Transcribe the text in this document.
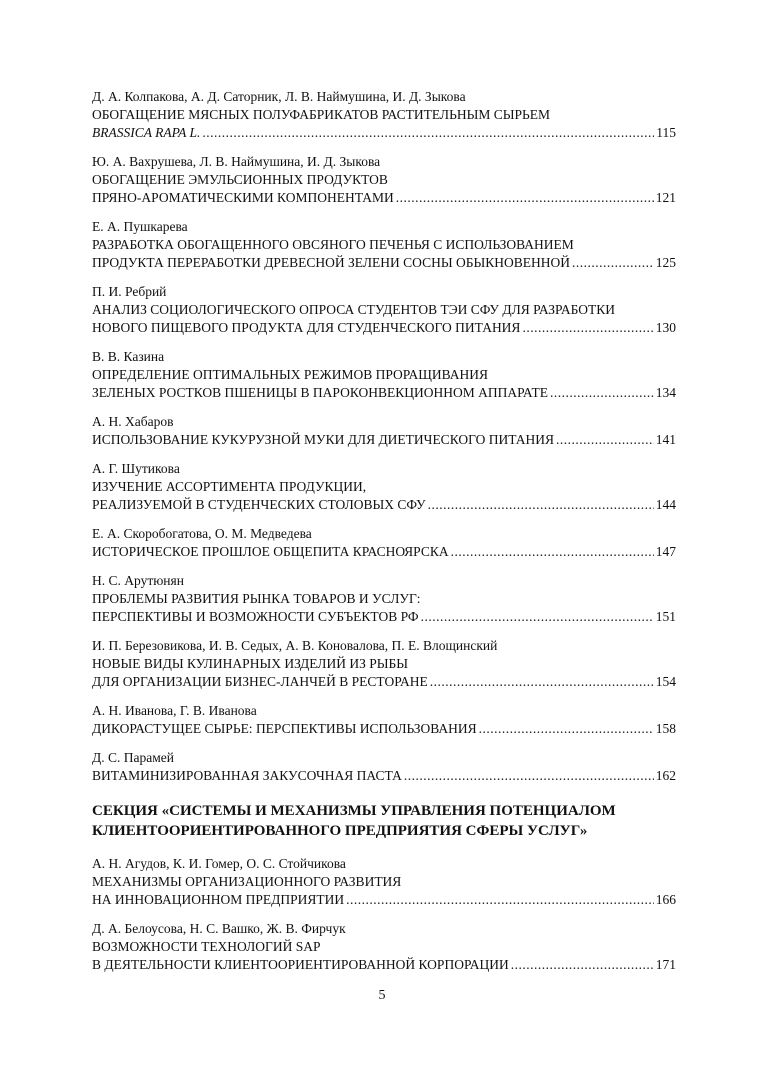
Д. А. Колпакова, А. Д. Саторник, Л. В. Наймушина, И. Д. Зыкова
ОБОГАЩЕНИЕ МЯСНЫХ ПОЛУФАБРИКАТОВ РАСТИТЕЛЬНЫМ СЫРЬЕМ
BRASSICA RAPA L. .....	115
Ю. А. Вахрушева, Л. В. Наймушина, И. Д. Зыкова
ОБОГАЩЕНИЕ ЭМУЛЬСИОННЫХ ПРОДУКТОВ
ПРЯНО-АРОМАТИЧЕСКИМИ КОМПОНЕНТАМИ .....	121
Е. А. Пушкарева
РАЗРАБОТКА ОБОГАЩЕННОГО ОВСЯНОГО ПЕЧЕНЬЯ С ИСПОЛЬЗОВАНИЕМ
ПРОДУКТА ПЕРЕРАБОТКИ ДРЕВЕСНОЙ ЗЕЛЕНИ СОСНЫ ОБЫКНОВЕННОЙ .....	125
П. И. Ребрий
АНАЛИЗ СОЦИОЛОГИЧЕСКОГО ОПРОСА СТУДЕНТОВ ТЭИ СФУ ДЛЯ РАЗРАБОТКИ
НОВОГО ПИЩЕВОГО ПРОДУКТА ДЛЯ СТУДЕНЧЕСКОГО ПИТАНИЯ .....	130
В. В. Казина
ОПРЕДЕЛЕНИЕ ОПТИМАЛЬНЫХ РЕЖИМОВ ПРОРАЩИВАНИЯ
ЗЕЛЕНЫХ РОСТКОВ ПШЕНИЦЫ В ПАРОКОНВЕКЦИОННОМ АППАРАТЕ .....	134
А. Н. Хабаров
ИСПОЛЬЗОВАНИЕ КУКУРУЗНОЙ МУКИ ДЛЯ ДИЕТИЧЕСКОГО ПИТАНИЯ .....	141
А. Г. Шутикова
ИЗУЧЕНИЕ АССОРТИМЕНТА ПРОДУКЦИИ,
РЕАЛИЗУЕМОЙ В СТУДЕНЧЕСКИХ СТОЛОВЫХ СФУ .....	144
Е. А. Скоробогатова, О. М. Медведева
ИСТОРИЧЕСКОЕ ПРОШЛОЕ ОБЩЕПИТА КРАСНОЯРСКА .....	147
Н. С. Арутюнян
ПРОБЛЕМЫ РАЗВИТИЯ РЫНКА ТОВАРОВ И УСЛУГ:
ПЕРСПЕКТИВЫ И ВОЗМОЖНОСТИ СУБЪЕКТОВ РФ .....	151
И. П. Березовикова, И. В. Седых, А. В. Коновалова, П. Е. Влощинский
НОВЫЕ ВИДЫ КУЛИНАРНЫХ ИЗДЕЛИЙ ИЗ РЫБЫ
ДЛЯ ОРГАНИЗАЦИИ БИЗНЕС-ЛАНЧЕЙ В РЕСТОРАНЕ .....	154
А. Н. Иванова, Г. В. Иванова
ДИКОРАСТУЩЕЕ СЫРЬЕ: ПЕРСПЕКТИВЫ ИСПОЛЬЗОВАНИЯ .....	158
Д. С. Парамей
ВИТАМИНИЗИРОВАННАЯ ЗАКУСОЧНАЯ ПАСТА .....	162
СЕКЦИЯ «СИСТЕМЫ И МЕХАНИЗМЫ УПРАВЛЕНИЯ ПОТЕНЦИАЛОМ
КЛИЕНТООРИЕНТИРОВАННОГО ПРЕДПРИЯТИЯ СФЕРЫ УСЛУГ»
А. Н. Агудов, К. И. Гомер, О. С. Стойчикова
МЕХАНИЗМЫ ОРГАНИЗАЦИОННОГО РАЗВИТИЯ
НА ИННОВАЦИОННОМ ПРЕДПРИЯТИИ .....	166
Д. А. Белоусова, Н. С. Вашко, Ж. В. Фирчук
ВОЗМОЖНОСТИ ТЕХНОЛОГИЙ SAP
В ДЕЯТЕЛЬНОСТИ КЛИЕНТООРИЕНТИРОВАННОЙ КОРПОРАЦИИ .....	171
5
